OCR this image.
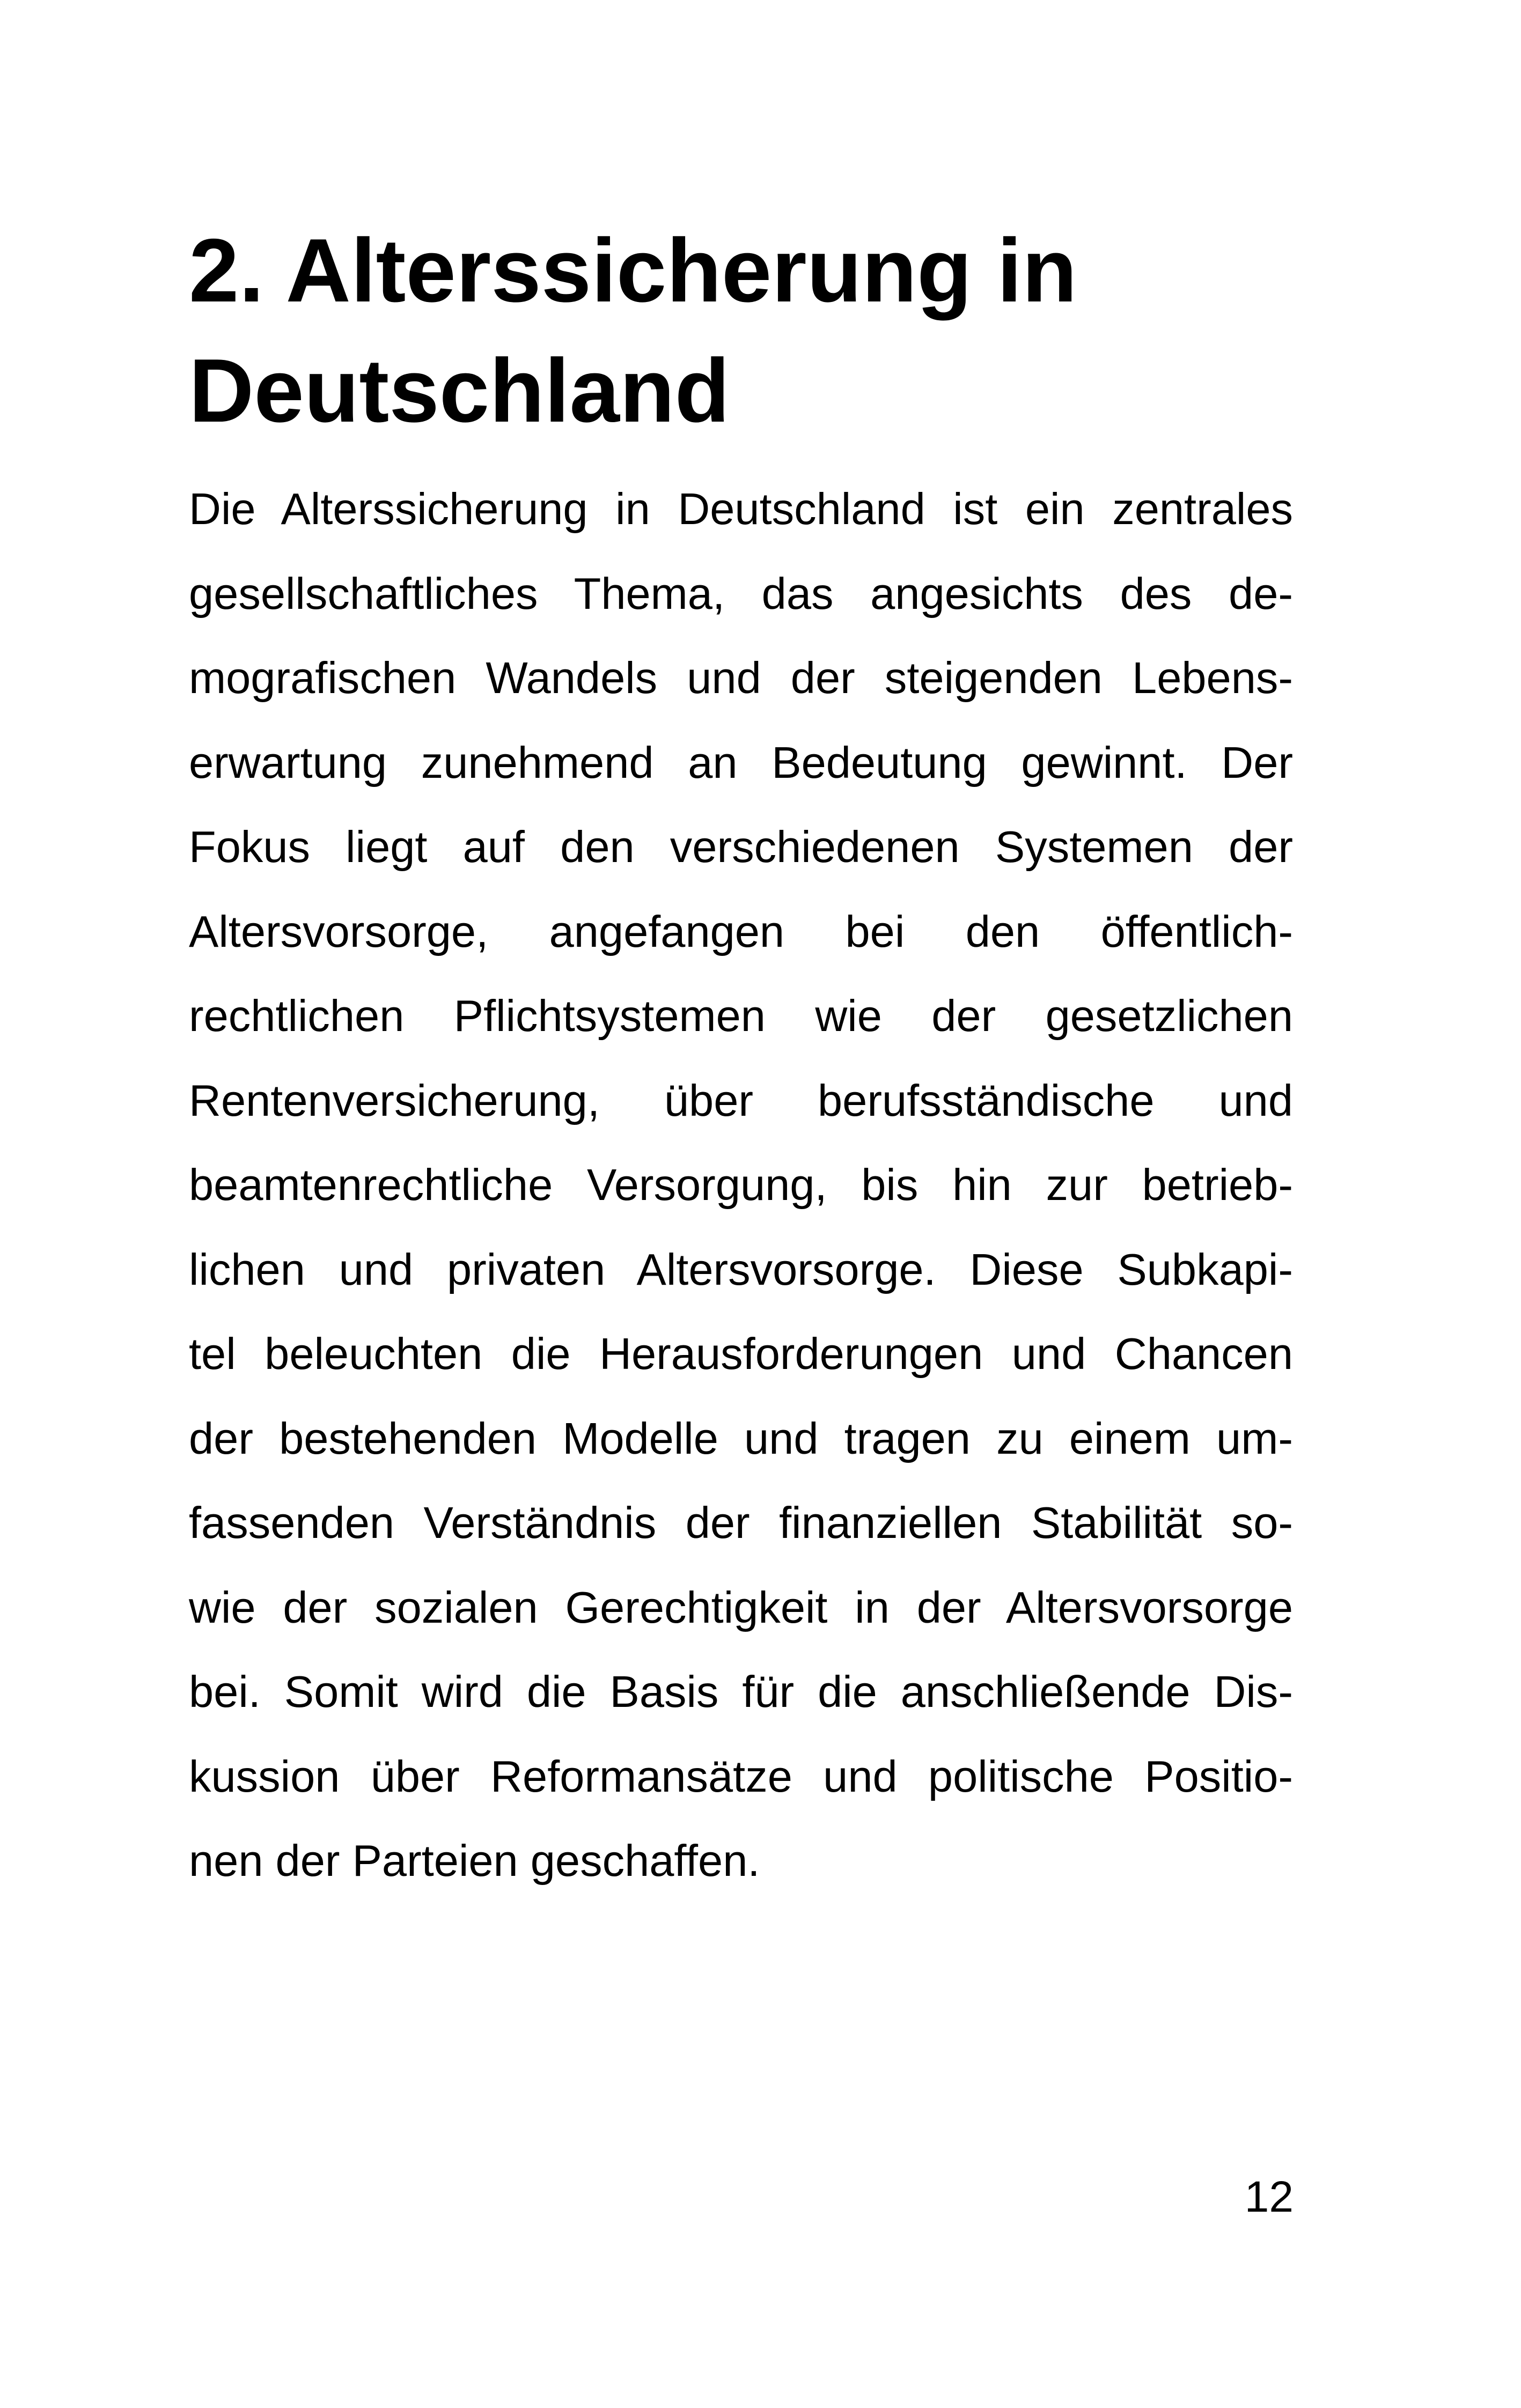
2. Alterssicherung in
Deutschland
Die Alterssicherung in Deutschland ist ein zentrales
gesellschaftliches Thema, das angesichts des de-
mografischen Wandels und der steigenden Lebens-
erwartung zunehmend an Bedeutung gewinnt. Der
Fokus liegt auf den verschiedenen Systemen der
Altersvorsorge, angefangen bei den öffentlich-
rechtlichen Pflichtsystemen wie der gesetzlichen
Rentenversicherung, über berufsständische und
beamtenrechtliche Versorgung, bis hin zur betrieb-
lichen und privaten Altersvorsorge. Diese Subkapi-
tel beleuchten die Herausforderungen und Chancen
der bestehenden Modelle und tragen zu einem um-
fassenden Verständnis der finanziellen Stabilität so-
wie der sozialen Gerechtigkeit in der Altersvorsorge
bei. Somit wird die Basis für die anschließende Dis-
kussion über Reformansätze und politische Positio-
nen der Parteien geschaffen.
12
